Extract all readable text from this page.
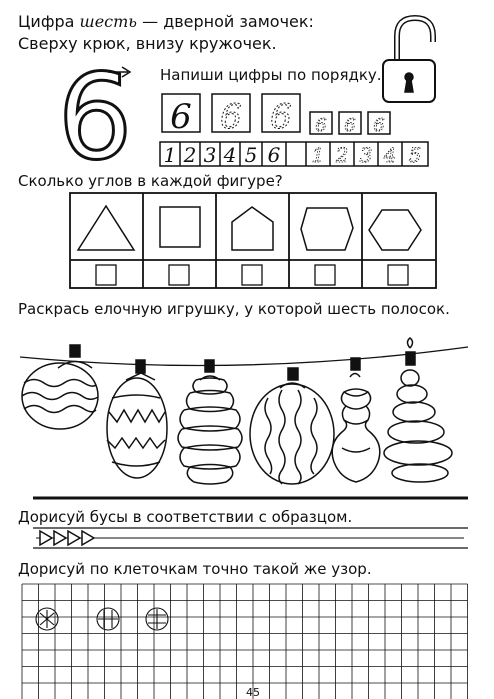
Цифра шесть — дверной замочек:
Сверху крюк, внизу кружочек.
Напиши цифры по порядку.
Сколько углов в каждой фигуре?
Раскрась елочную игрушку, у которой шесть полосок.
Дорисуй бусы в соответствии с образцом.
Дорисуй по клеточкам точно такой же узор.
45
6 6 6 6 6 6 6
1 2 3 4 5 6 1 2 3 4 5
